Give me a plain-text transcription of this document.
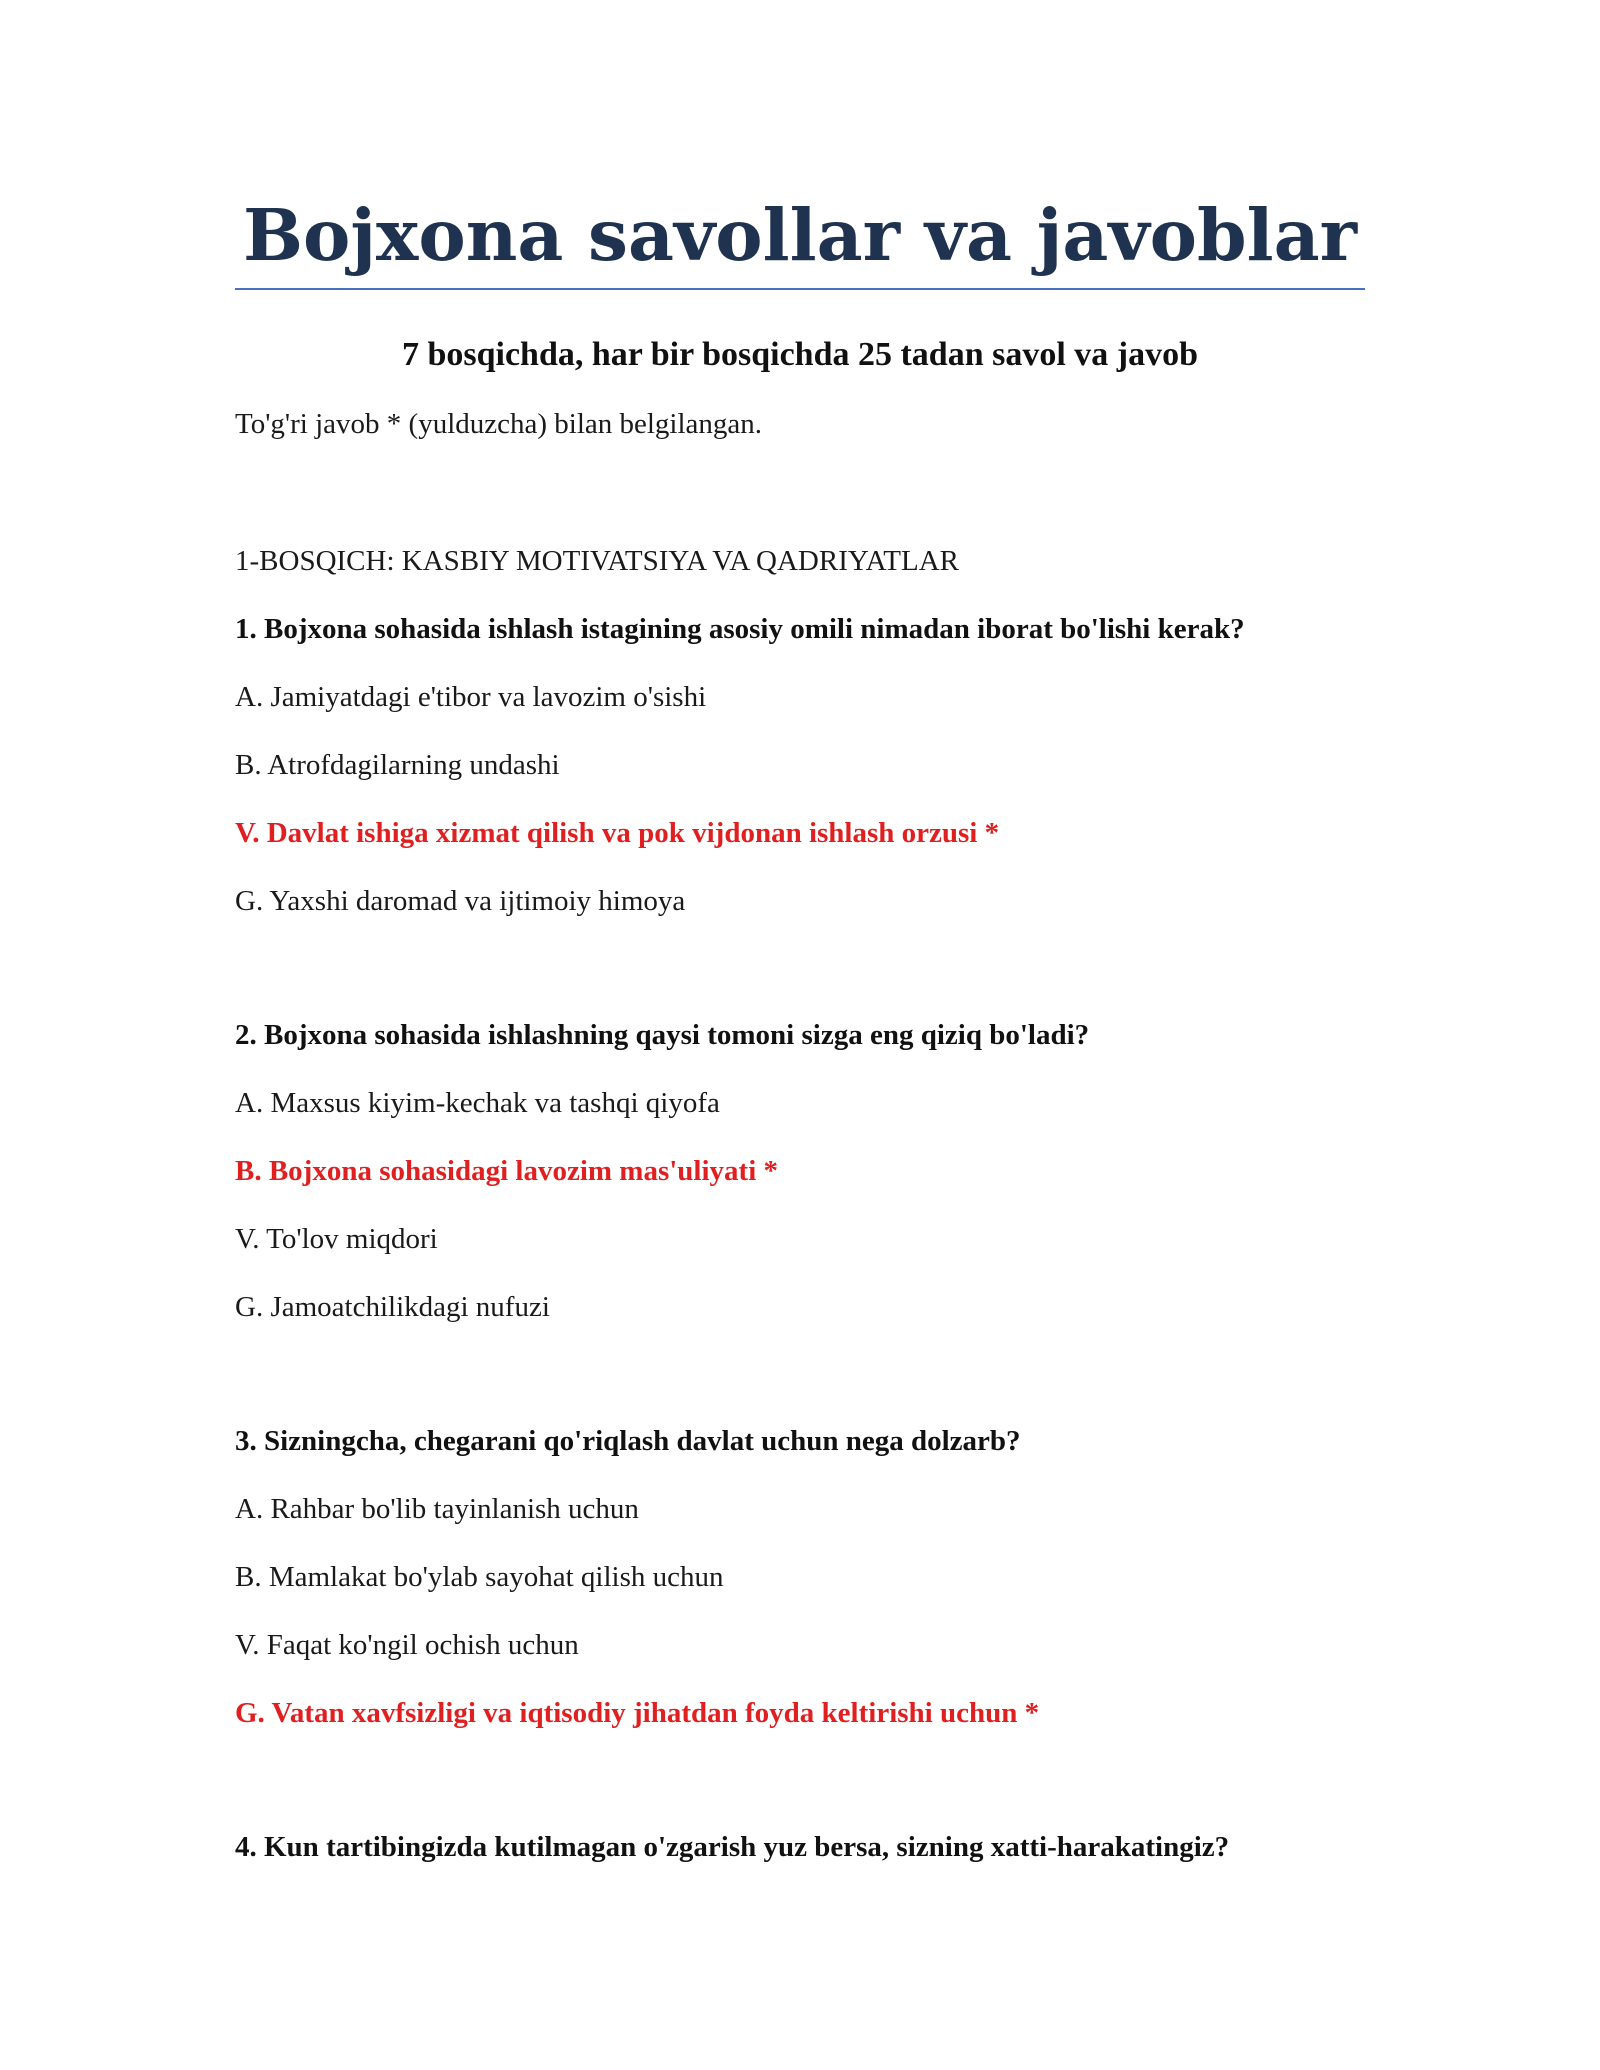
Bojxona savollar va javoblar
7 bosqichda, har bir bosqichda 25 tadan savol va javob

To'g'ri javob * (yulduzcha) bilan belgilangan.

1-BOSQICH: KASBIY MOTIVATSIYA VA QADRIYATLAR

1. Bojxona sohasida ishlash istagining asosiy omili nimadan iborat bo'lishi kerak?

A. Jamiyatdagi e'tibor va lavozim o'sishi

B. Atrofdagilarning undashi

V. Davlat ishiga xizmat qilish va pok vijdonan ishlash orzusi *

G. Yaxshi daromad va ijtimoiy himoya

2. Bojxona sohasida ishlashning qaysi tomoni sizga eng qiziq bo'ladi?

A. Maxsus kiyim-kechak va tashqi qiyofa

B. Bojxona sohasidagi lavozim mas'uliyati *

V. To'lov miqdori

G. Jamoatchilikdagi nufuzi

3. Sizningcha, chegarani qo'riqlash davlat uchun nega dolzarb?

A. Rahbar bo'lib tayinlanish uchun

B. Mamlakat bo'ylab sayohat qilish uchun

V. Faqat ko'ngil ochish uchun

G. Vatan xavfsizligi va iqtisodiy jihatdan foyda keltirishi uchun *

4. Kun tartibingizda kutilmagan o'zgarish yuz bersa, sizning xatti-harakatingiz?
